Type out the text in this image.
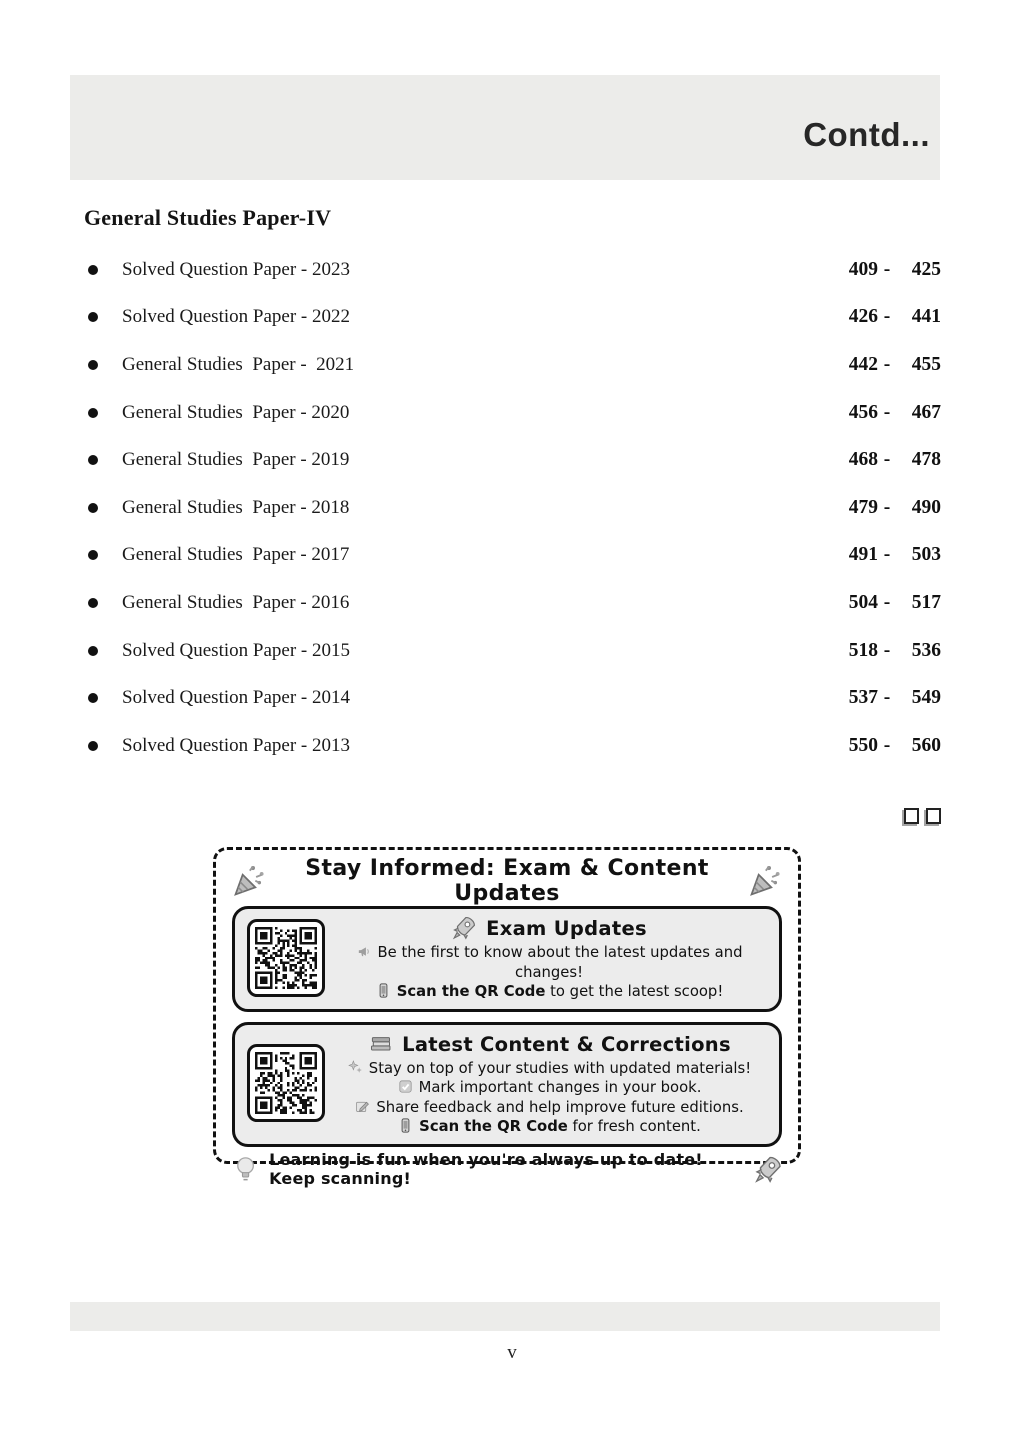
Contd...
General Studies Paper-IV
Solved Question Paper - 2023	409 -	425
Solved Question Paper - 2022	426 -	441
General Studies  Paper -  2021	442 -	455
General Studies  Paper - 2020	456 -	467
General Studies  Paper - 2019	468 -	478
General Studies  Paper - 2018	479 -	490
General Studies  Paper - 2017	491 -	503
General Studies  Paper - 2016	504 -	517
Solved Question Paper - 2015	518 -	536
Solved Question Paper - 2014	537 -	549
Solved Question Paper - 2013	550 -	560
Stay Informed: Exam & Content Updates
Exam Updates
Be the first to know about the latest updates and changes!
Scan the QR Code to get the latest scoop!
Latest Content & Corrections
Stay on top of your studies with updated materials!
Mark important changes in your book.
Share feedback and help improve future editions.
Scan the QR Code for fresh content.
Learning is fun when you're always up to date! Keep scanning!
v
